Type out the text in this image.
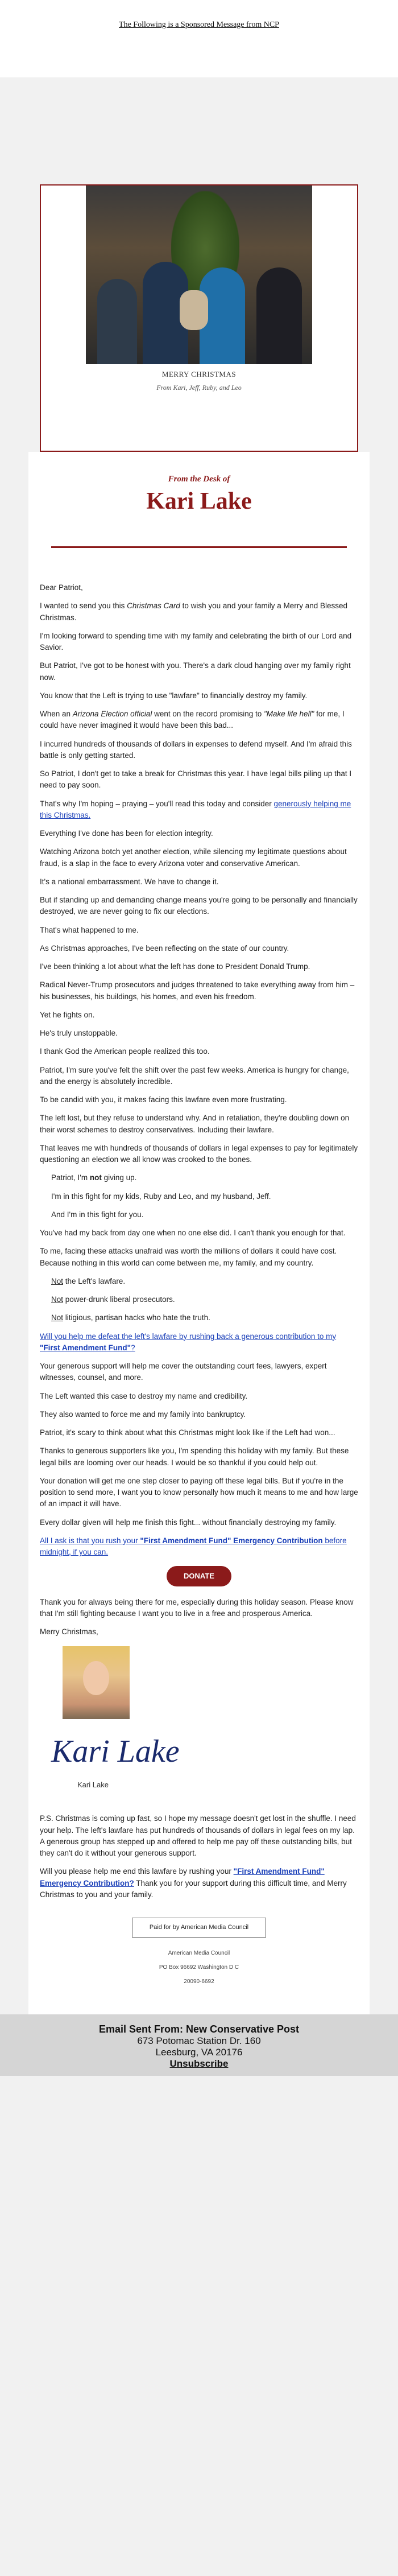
The Following is a Sponsored Message from NCP
MERRY CHRISTMAS
From Kari, Jeff, Ruby, and Leo
From the Desk of
Kari Lake

Dear Patriot,

I wanted to send you this Christmas Card to wish you and your family a Merry and Blessed Christmas.

I'm looking forward to spending time with my family and celebrating the birth of our Lord and Savior.

But Patriot, I've got to be honest with you. There's a dark cloud hanging over my family right now.

You know that the Left is trying to use "lawfare" to financially destroy my family.

When an Arizona Election official went on the record promising to "Make life hell" for me, I could have never imagined it would have been this bad...

I incurred hundreds of thousands of dollars in expenses to defend myself. And I'm afraid this battle is only getting started.

So Patriot, I don't get to take a break for Christmas this year. I have legal bills piling up that I need to pay soon.

That's why I'm hoping – praying – you'll read this today and consider generously helping me this Christmas.

Everything I've done has been for election integrity.

Watching Arizona botch yet another election, while silencing my legitimate questions about fraud, is a slap in the face to every Arizona voter and conservative American.

It's a national embarrassment. We have to change it.

But if standing up and demanding change means you're going to be personally and financially destroyed, we are never going to fix our elections.

That's what happened to me.

As Christmas approaches, I've been reflecting on the state of our country.

I've been thinking a lot about what the left has done to President Donald Trump.

Radical Never-Trump prosecutors and judges threatened to take everything away from him – his businesses, his buildings, his homes, and even his freedom.

Yet he fights on.

He's truly unstoppable.

I thank God the American people realized this too.

Patriot, I'm sure you've felt the shift over the past few weeks. America is hungry for change, and the energy is absolutely incredible.

To be candid with you, it makes facing this lawfare even more frustrating.

The left lost, but they refuse to understand why. And in retaliation, they're doubling down on their worst schemes to destroy conservatives. Including their lawfare.

That leaves me with hundreds of thousands of dollars in legal expenses to pay for legitimately questioning an election we all know was crooked to the bones.

Patriot, I'm not giving up.

I'm in this fight for my kids, Ruby and Leo, and my husband, Jeff.

And I'm in this fight for you.

You've had my back from day one when no one else did. I can't thank you enough for that.

To me, facing these attacks unafraid was worth the millions of dollars it could have cost. Because nothing in this world can come between me, my family, and my country.

Not the Left's lawfare.

Not power-drunk liberal prosecutors.

Not litigious, partisan hacks who hate the truth.

Will you help me defeat the left's lawfare by rushing back a generous contribution to my "First Amendment Fund"?

Your generous support will help me cover the outstanding court fees, lawyers, expert witnesses, counsel, and more.

The Left wanted this case to destroy my name and credibility.

They also wanted to force me and my family into bankruptcy.

Patriot, it's scary to think about what this Christmas might look like if the Left had won...

Thanks to generous supporters like you, I'm spending this holiday with my family. But these legal bills are looming over our heads. I would be so thankful if you could help out.

Your donation will get me one step closer to paying off these legal bills. But if you're in the position to send more, I want you to know personally how much it means to me and how large of an impact it will have.

Every dollar given will help me finish this fight... without financially destroying my family.

All I ask is that you rush your "First Amendment Fund" Emergency Contribution before midnight, if you can.

DONATE

Thank you for always being there for me, especially during this holiday season. Please know that I'm still fighting because I want you to live in a free and prosperous America.

Merry Christmas,

Kari Lake
Kari Lake

P.S. Christmas is coming up fast, so I hope my message doesn't get lost in the shuffle. I need your help. The left's lawfare has put hundreds of thousands of dollars in legal fees on my lap. A generous group has stepped up and offered to help me pay off these outstanding bills, but they can't do it without your generous support.

Will you please help me end this lawfare by rushing your "First Amendment Fund" Emergency Contribution? Thank you for your support during this difficult time, and Merry Christmas to you and your family.

Paid for by American Media Council
American Media Council
PO Box 96692 Washington D C
20090-6692
Email Sent From: New Conservative Post
673 Potomac Station Dr. 160
Leesburg, VA 20176
Unsubscribe
